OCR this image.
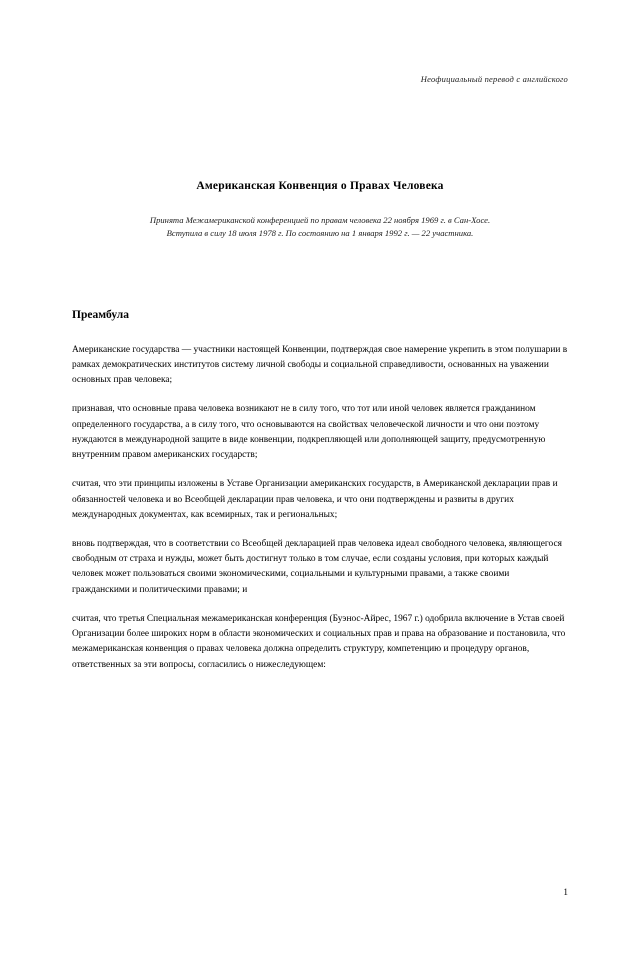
Неофициальный перевод с английского
Американская Конвенция о Правах Человека
Принята Межамериканской конференцией по правам человека 22 ноября 1969 г. в Сан-Хосе.
Вступила в силу 18 июля 1978 г. По состоянию на 1 января 1992 г. — 22 участника.
Преамбула
Американские государства — участники настоящей Конвенции, подтверждая свое намерение укрепить в этом полушарии в рамках демократических институтов систему личной свободы и социальной справедливости, основанных на уважении основных прав человека;
признавая, что основные права человека возникают не в силу того, что тот или иной человек является гражданином определенного государства, а в силу того, что основываются на свойствах человеческой личности и что они поэтому нуждаются в международной защите в виде конвенции, подкрепляющей или дополняющей защиту, предусмотренную внутренним правом американских государств;
считая, что эти принципы изложены в Уставе Организации американских государств, в Американской декларации прав и обязанностей человека и во Всеобщей декларации прав человека, и что они подтверждены и развиты в других международных документах, как всемирных, так и региональных;
вновь подтверждая, что в соответствии со Всеобщей декларацией прав человека идеал свободного человека, являющегося свободным от страха и нужды, может быть достигнут только в том случае, если созданы условия, при которых каждый человек может пользоваться своими экономическими, социальными и культурными правами, а также своими гражданскими и политическими правами; и
считая, что третья Специальная межамериканская конференция (Буэнос-Айрес, 1967 г.) одобрила включение в Устав своей Организации более широких норм в области экономических и социальных прав и права на образование и постановила, что межамериканская конвенция о правах человека должна определить структуру, компетенцию и процедуру органов, ответственных за эти вопросы, согласились о нижеследующем:
1
